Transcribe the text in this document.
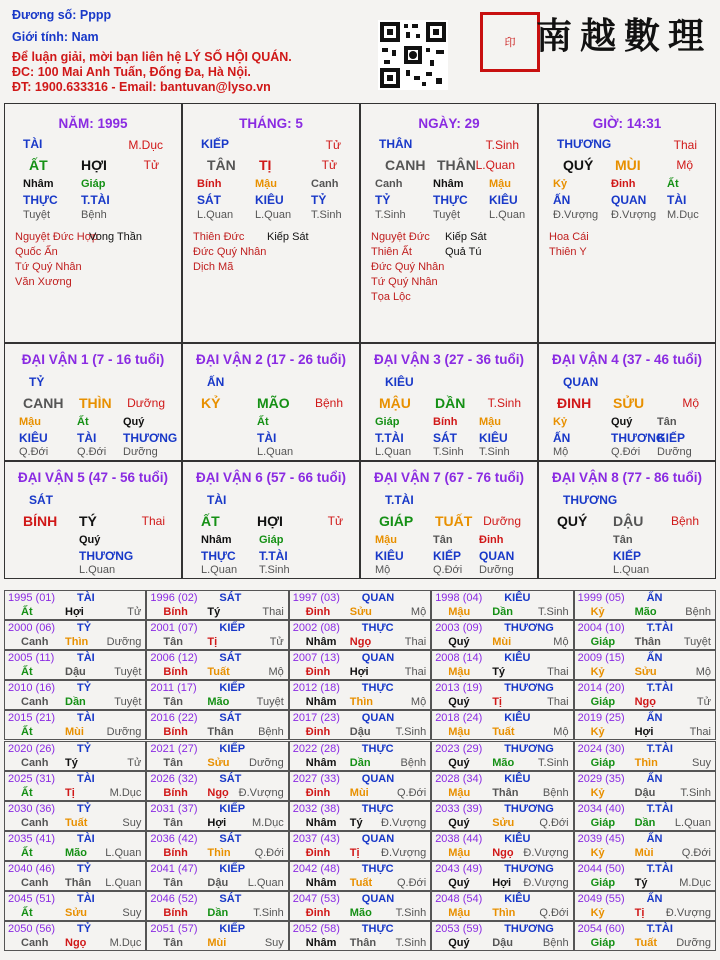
Đương số: Pppp
Giới tính: Nam
Để luận giải, mời bạn liên hệ LÝ SỐ HỘI QUÁN.
ĐC: 100 Mai Anh Tuấn, Đống Đa, Hà Nội.
ĐT: 1900.633316 - Email: bantuvan@lyso.vn
印 南越數理
NĂM: 1995
TÀI	M.Dục
ẤT HỢI	Tử
Nhâm
THỰC
Tuyệt
Giáp
T.TÀI
Bệnh
Nguyệt Đức Hợp
Quốc Ấn
Tứ Quý Nhân
Văn Xương
Vong Thần
THÁNG: 5
KIẾP	Tử
TÂN TỊ	Tử
Bính
SÁT
L.Quan
Mậu
KIÊU
L.Quan
Canh
TỶ
T.Sinh
Thiên Đức
Đức Quý Nhân
Dịch Mã
Kiếp Sát
NGÀY: 29
THÂN	T.Sinh
CANH THÂN L.Quan
Canh
TỶ
T.Sinh
Nhâm
THỰC
Tuyệt
Mậu
KIÊU
L.Quan
Nguyệt Đức
Thiên Ất
Đức Quý Nhân
Tứ Quý Nhân
Tọa Lộc
Kiếp Sát
Quả Tú
GIỜ: 14:31
THƯƠNG	Thai
QUÝ MÙI	Mộ
Kỷ
ẤN
Đ.Vượng
Đinh
QUAN
Đ.Vượng
Ất
TÀI
M.Dục
Hoa Cái
Thiên Y
ĐẠI VẬN 1 (7 - 16 tuổi)
TỶ
CANH THÌN Dưỡng
Mậu
KIÊU
Q.Đới
Ất
TÀI
Q.Đới
Quý
THƯƠNG
Dưỡng
ĐẠI VẬN 2 (17 - 26 tuổi)
ẤN
KỶ	MÃO Bệnh
Ất
TÀI
L.Quan
ĐẠI VẬN 3 (27 - 36 tuổi)
KIÊU
MẬU DẦN T.Sinh
Giáp
T.TÀI
L.Quan
Bính
SÁT
T.Sinh
Mậu
KIÊU
T.Sinh
ĐẠI VẬN 4 (37 - 46 tuổi)
QUAN
ĐINH SỬU	Mộ
Kỷ
ẤN
Mộ
Quý
THƯƠNG
Q.Đới
Tân
KIẾP
Dưỡng
ĐẠI VẬN 5 (47 - 56 tuổi)
SÁT
BÍNH TÝ	Thai
Quý
THƯƠNG
L.Quan
ĐẠI VẬN 6 (57 - 66 tuổi)
TÀI
ẤT	HỢI	Tử
Nhâm
THỰC
L.Quan
Giáp
T.TÀI
T.Sinh
ĐẠI VẬN 7 (67 - 76 tuổi)
T.TÀI
GIÁP TUẤT Dưỡng
Mậu
KIÊU
Mộ
Tân
KIẾP
Q.Đới
Đinh
QUAN
Dưỡng
ĐẠI VẬN 8 (77 - 86 tuổi)
THƯƠNG
QUÝ DẬU Bệnh
Tân
KIẾP
L.Quan
1995 (01) TÀI
Ất	Hợi	Tử
1996 (02) SÁT
Bính Tý	Thai
1997 (03) QUAN
Đinh Sửu	Mộ
1998 (04) KIÊU
Mậu Dần T.Sinh
1999 (05) ẤN
Kỷ	Mão	Bệnh
2000 (06) TỶ
Canh Thìn Dưỡng
2001 (07) KIẾP
Tân Tị	Tử
2002 (08) THỰC
Nhâm Ngọ	Thai
2003 (09) THƯƠNG
Quý Mùi	Mộ
2004 (10) T.TÀI
Giáp Thân Tuyệt
2005 (11) TÀI
Ất	Dậu	Tuyệt
2006 (12) SÁT
Bính Tuất	Mộ
2007 (13) QUAN
Đinh Hợi	Thai
2008 (14) KIÊU
Mậu Tý	Thai
2009 (15) ẤN
Kỷ	Sửu	Mộ
2010 (16) TỶ
Canh Dần	Tuyệt
2011 (17) KIẾP
Tân Mão Tuyệt
2012 (18) THỰC
Nhâm Thìn	Mộ
2013 (19) THƯƠNG
Quý Tị	Thai
2014 (20) T.TÀI
Giáp Ngọ	Tử
2015 (21) TÀI
Ất	Mùi Dưỡng
2016 (22) SÁT
Bính Thân Bệnh
2017 (23) QUAN
Đinh Dậu T.Sinh
2018 (24) KIÊU
Mậu Tuất	Mộ
2019 (25) ẤN
Kỷ	Hợi	Thai
2020 (26) TỶ
Canh Tý	Tử
2021 (27) KIẾP
Tân Sửu Dưỡng
2022 (28) THỰC
Nhâm Dần	Bệnh
2023 (29) THƯƠNG
Quý Mão T.Sinh
2024 (30) T.TÀI
Giáp Thìn	Suy
2025 (31) TÀI
Ất	Tị	M.Dục
2026 (32) SÁT
Bính Ngọ Đ.Vượng
2027 (33) QUAN
Đinh Mùi	Q.Đới
2028 (34) KIÊU
Mậu Thân Bệnh
2029 (35) ẤN
Kỷ	Dậu T.Sinh
2030 (36) TỶ
Canh Tuất	Suy
2031 (37) KIẾP
Tân Hợi M.Dục
2032 (38) THỰC
Nhâm Tý Đ.Vượng
2033 (39) THƯƠNG
Quý Sửu Q.Đới
2034 (40) T.TÀI
Giáp Dần L.Quan
2035 (41) TÀI
Ất	Mão L.Quan
2036 (42) SÁT
Bính Thìn Q.Đới
2037 (43) QUAN
Đinh Tị Đ.Vượng
2038 (44) KIÊU
Mậu Ngọ Đ.Vượng
2039 (45) ẤN
Kỷ	Mùi	Q.Đới
2040 (46) TỶ
Canh Thân L.Quan
2041 (47) KIẾP
Tân Dậu L.Quan
2042 (48) THỰC
Nhâm Tuất Q.Đới
2043 (49) THƯƠNG
Quý Hợi Đ.Vượng
2044 (50) T.TÀI
Giáp Tý	M.Dục
2045 (51) TÀI
Ất	Sửu	Suy
2046 (52) SÁT
Bính Dần T.Sinh
2047 (53) QUAN
Đinh Mão T.Sinh
2048 (54) KIÊU
Mậu Thìn Q.Đới
2049 (55) ẤN
Kỷ	Tị Đ.Vượng
2050 (56) TỶ
Canh Ngọ M.Dục
2051 (57) KIẾP
Tân Mùi	Suy
2052 (58) THỰC
Nhâm Thân T.Sinh
2053 (59) THƯƠNG
Quý Dậu	Bệnh
2054 (60) T.TÀI
Giáp Tuất Dưỡng
